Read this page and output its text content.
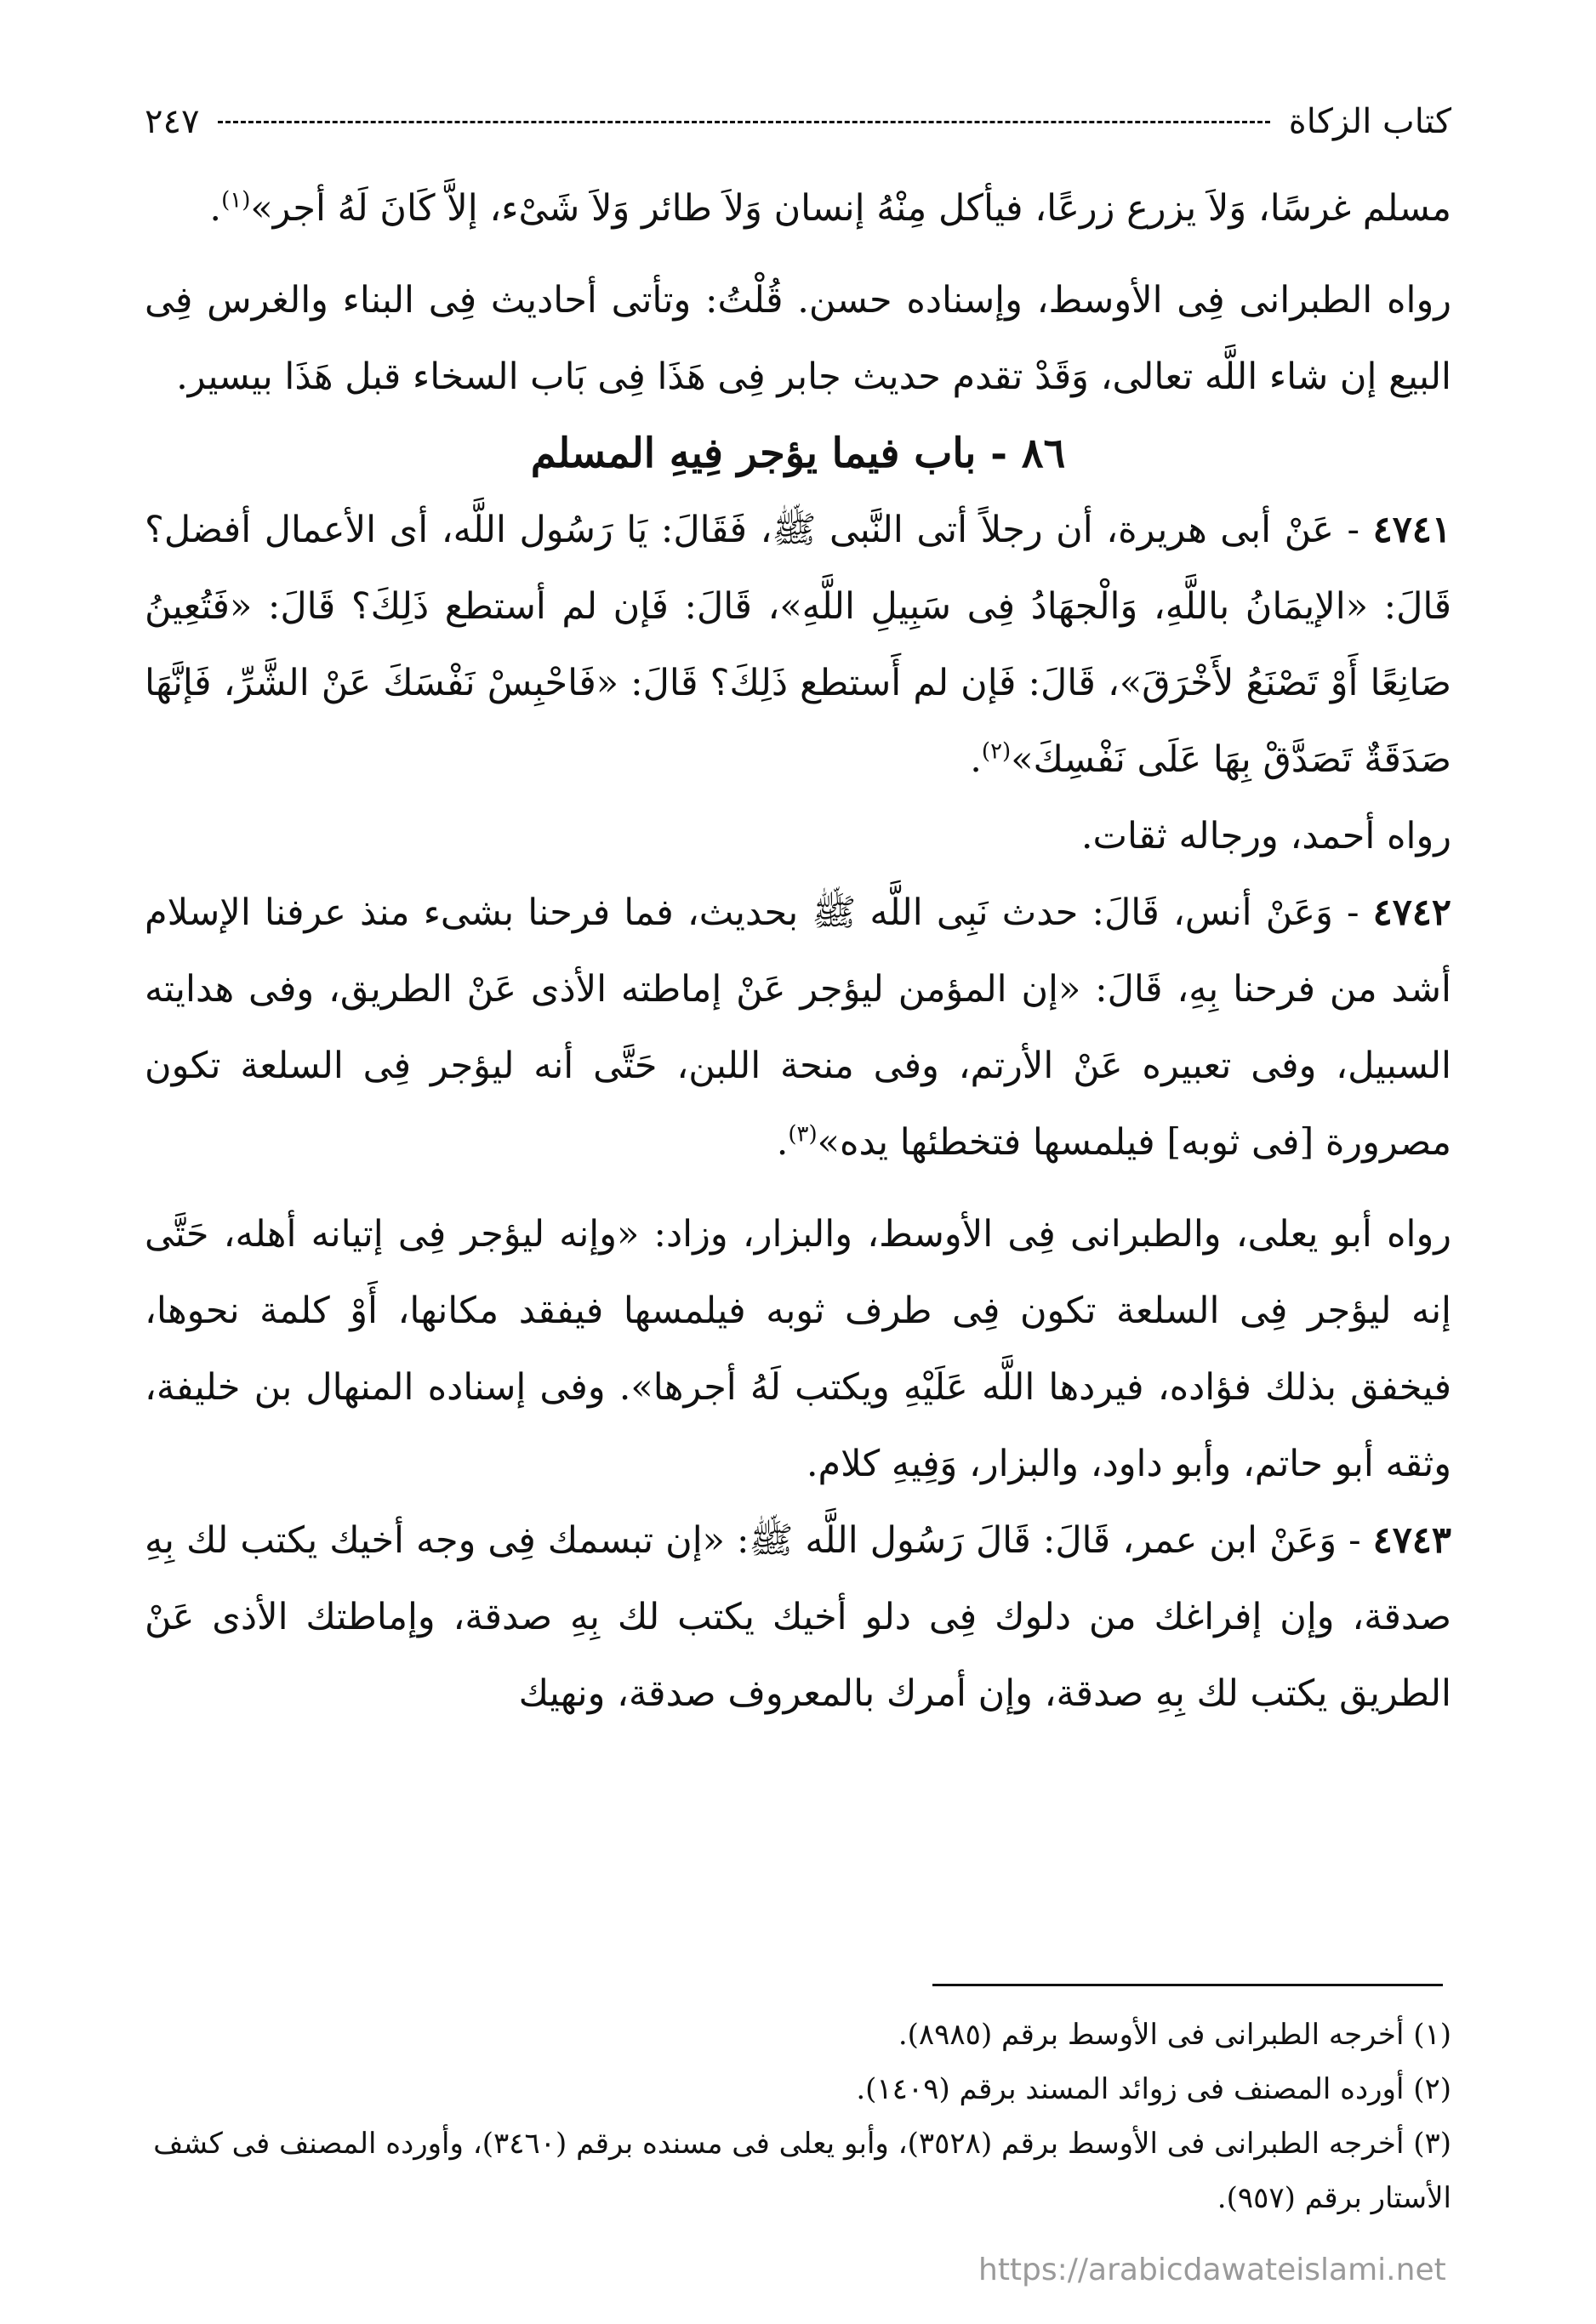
كتاب الزكاة
٢٤٧

مسلم غرسًا، وَلاَ يزرع زرعًا، فيأكل مِنْهُ إنسان وَلاَ طائر وَلاَ شَىْء، إلاَّ كَانَ لَهُ أجر»$^{(١)}$.

رواه الطبرانى فِى الأوسط، وإسناده حسن. قُلْتُ: وتأتى أحاديث فِى البناء والغرس فِى البيع إن شاء اللَّه تعالى، وَقَدْ تقدم حديث جابر فِى هَذَا فِى بَاب السخاء قبل هَذَا بيسير.

٨٦ - باب فيما يؤجر فِيهِ المسلم

٤٧٤١ - عَنْ أبى هريرة، أن رجلاً أتى النَّبى ﷺ، فَقَالَ: يَا رَسُول اللَّه، أى الأعمال أفضل؟ قَالَ: «الإيمَانُ باللَّهِ، وَالْجهَادُ فِى سَبِيلِ اللَّهِ»، قَالَ: فَإن لم أستطع ذَلِكَ؟ قَالَ: «فَتُعِينُ صَانِعًا أَوْ تَصْنَعُ لأَخْرَقَ»، قَالَ: فَإن لم أَستطع ذَلِكَ؟ قَالَ: «فَاحْبِسْ نَفْسَكَ عَنْ الشَّرِّ، فَإنَّهَا صَدَقَةٌ تَصَدَّقْ بِهَا عَلَى نَفْسِكَ»$^{(٢)}$.

رواه أحمد، ورجاله ثقات.

٤٧٤٢ - وَعَنْ أنس، قَالَ: حدث نَبِى اللَّه ﷺ بحديث، فما فرحنا بشىء منذ عرفنا الإسلام أشد من فرحنا بِهِ، قَالَ: «إن المؤمن ليؤجر عَنْ إماطته الأذى عَنْ الطريق، وفى هدايته السبيل، وفى تعبيره عَنْ الأرتم، وفى منحة اللبن، حَتَّى أنه ليؤجر فِى السلعة تكون مصرورة [فى ثوبه] فيلمسها فتخطئها يده»$^{(٣)}$.

رواه أبو يعلى، والطبرانى فِى الأوسط، والبزار، وزاد: «وإنه ليؤجر فِى إتيانه أهله، حَتَّى إنه ليؤجر فِى السلعة تكون فِى طرف ثوبه فيلمسها فيفقد مكانها، أَوْ كلمة نحوها، فيخفق بذلك فؤاده، فيردها اللَّه عَلَيْهِ ويكتب لَهُ أجرها». وفى إسناده المنهال بن خليفة، وثقه أبو حاتم، وأبو داود، والبزار، وَفِيهِ كلام.

٤٧٤٣ - وَعَنْ ابن عمر، قَالَ: قَالَ رَسُول اللَّه ﷺ: «إن تبسمك فِى وجه أخيك يكتب لك بِهِ صدقة، وإن إفراغك من دلوك فِى دلو أخيك يكتب لك بِهِ صدقة، وإماطتك الأذى عَنْ الطريق يكتب لك بِهِ صدقة، وإن أمرك بالمعروف صدقة، ونهيك

(١) أخرجه الطبرانى فى الأوسط برقم (٨٩٨٥).

(٢) أورده المصنف فى زوائد المسند برقم (١٤٠٩).

(٣) أخرجه الطبرانى فى الأوسط برقم (٣٥٢٨)، وأبو يعلى فى مسنده برقم (٣٤٦٠)، وأورده المصنف فى كشف الأستار برقم (٩٥٧).

https://arabicdawateislami.net
